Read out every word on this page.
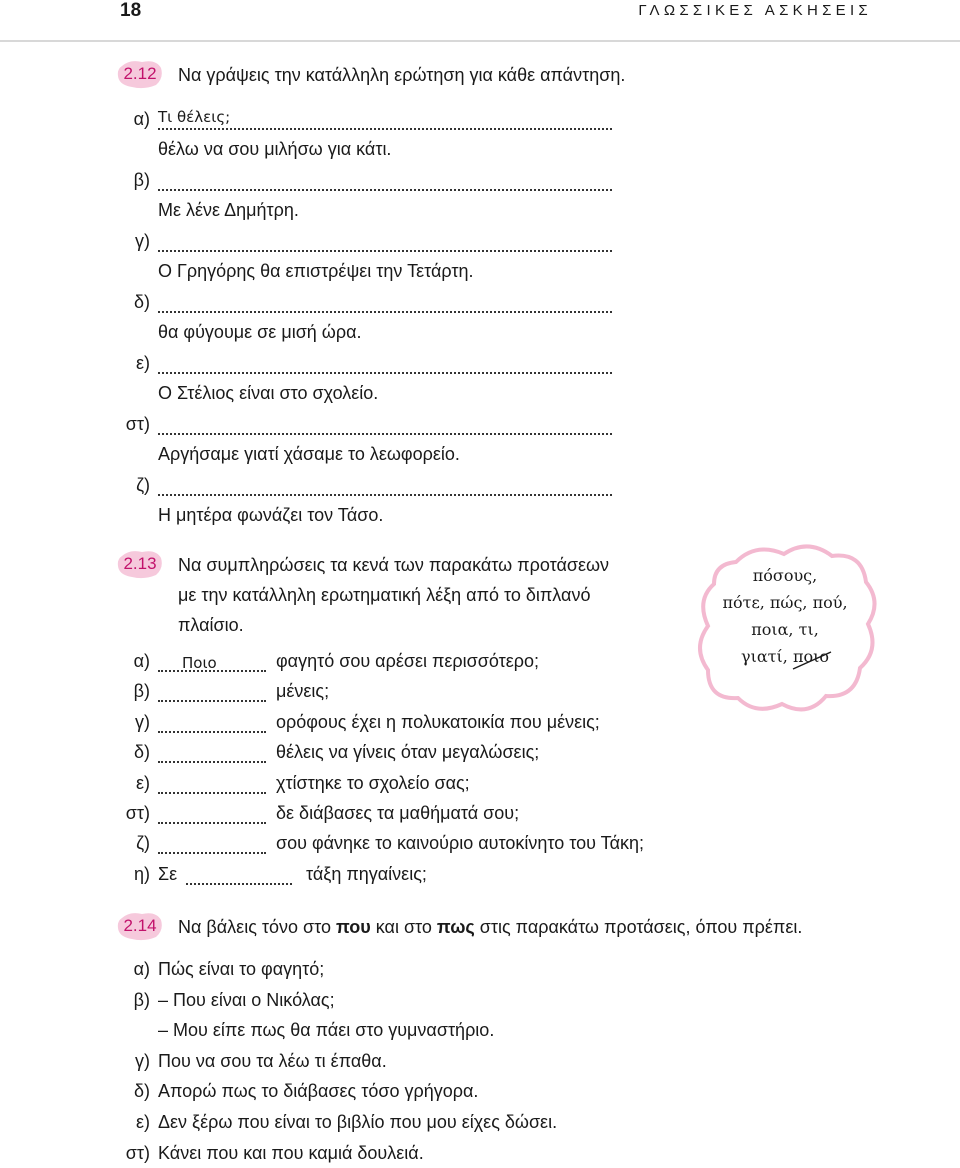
18	ΓΛΩΣΣΙΚΕΣ ΑΣΚΗΣΕΙΣ
2.12 Να γράψεις την κατάλληλη ερώτηση για κάθε απάντηση.
α) Τι θέλεις;
θέλω να σου μιλήσω για κάτι.
β)
Με λένε Δημήτρη.
γ)
Ο Γρηγόρης θα επιστρέψει την Τετάρτη.
δ)
θα φύγουμε σε μισή ώρα.
ε)
Ο Στέλιος είναι στο σχολείο.
στ)
Αργήσαμε γιατί χάσαμε το λεωφορείο.
ζ)
Η μητέρα φωνάζει τον Τάσο.
2.13 Να συμπληρώσεις τα κενά των παρακάτω προτάσεων
με την κατάλληλη ερωτηματική λέξη από το διπλανό
πλαίσιο.
πόσους,
πότε, πώς, πού,
ποια, τι,
γιατί, ποιο
α) Ποιο	φαγητό σου αρέσει περισσότερο;
β)	μένεις;
γ)	ορόφους έχει η πολυκατοικία που μένεις;
δ)	θέλεις να γίνεις όταν μεγαλώσεις;
ε)	χτίστηκε το σχολείο σας;
στ)	δε διάβασες τα μαθήματά σου;
ζ)	σου φάνηκε το καινούριο αυτοκίνητο του Τάκη;
η) Σε	τάξη πηγαίνεις;
2.14 Να βάλεις τόνο στο που και στο πως στις παρακάτω προτάσεις, όπου πρέπει.
α) Πώς είναι το φαγητό;
β) – Που είναι ο Νικόλας;
– Μου είπε πως θα πάει στο γυμναστήριο.
γ) Που να σου τα λέω τι έπαθα.
δ) Απορώ πως το διάβασες τόσο γρήγορα.
ε) Δεν ξέρω που είναι το βιβλίο που μου είχες δώσει.
στ) Κάνει που και που καμιά δουλειά.
